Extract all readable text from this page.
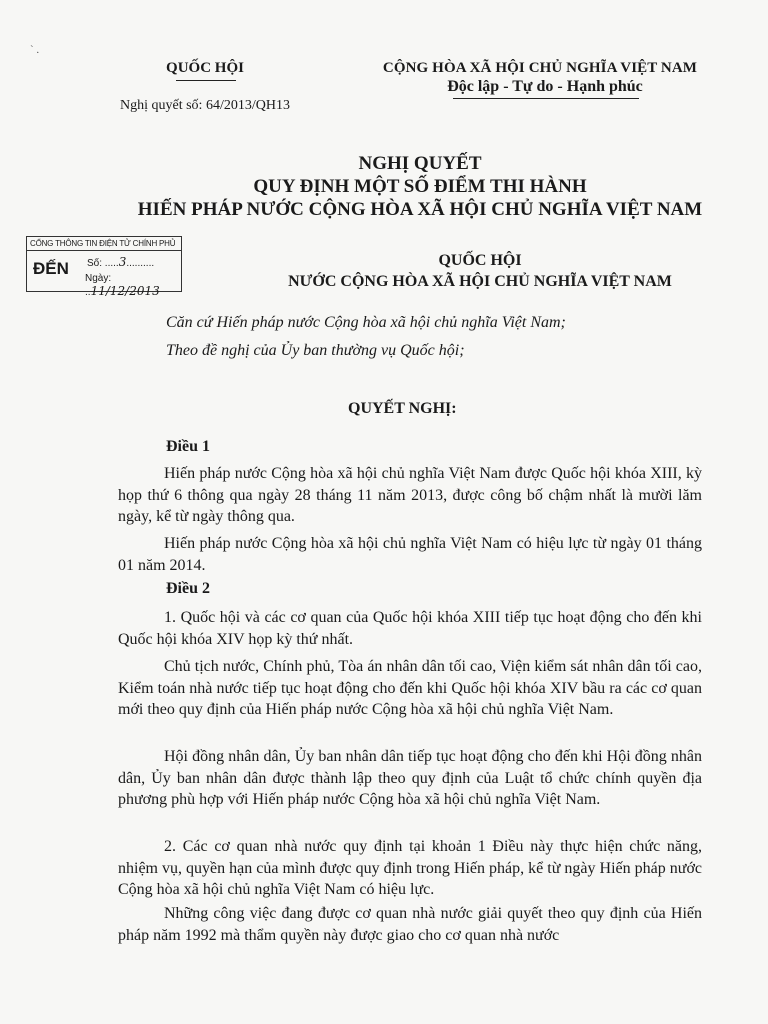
` .
QUỐC HỘI
Nghị quyết số: 64/2013/QH13
CỘNG HÒA XÃ HỘI CHỦ NGHĨA VIỆT NAM
Độc lập - Tự do - Hạnh phúc
NGHỊ QUYẾT
QUY ĐỊNH MỘT SỐ ĐIỂM THI HÀNH
HIẾN PHÁP NƯỚC CỘNG HÒA XÃ HỘI CHỦ NGHĨA VIỆT NAM
CỔNG THÔNG TIN ĐIỆN TỬ CHÍNH PHỦ
ĐẾN Số: .....3..........
Ngày: ..11/12/2013
QUỐC HỘI
NƯỚC CỘNG HÒA XÃ HỘI CHỦ NGHĨA VIỆT NAM
Căn cứ Hiến pháp nước Cộng hòa xã hội chủ nghĩa Việt Nam;
Theo đề nghị của Ủy ban thường vụ Quốc hội;
QUYẾT NGHỊ:
Điều 1
Hiến pháp nước Cộng hòa xã hội chủ nghĩa Việt Nam được Quốc hội khóa XIII, kỳ họp thứ 6 thông qua ngày 28 tháng 11 năm 2013, được công bố chậm nhất là mười lăm ngày, kể từ ngày thông qua.
Hiến pháp nước Cộng hòa xã hội chủ nghĩa Việt Nam có hiệu lực từ ngày 01 tháng 01 năm 2014.
Điều 2
1. Quốc hội và các cơ quan của Quốc hội khóa XIII tiếp tục hoạt động cho đến khi Quốc hội khóa XIV họp kỳ thứ nhất.
Chủ tịch nước, Chính phủ, Tòa án nhân dân tối cao, Viện kiểm sát nhân dân tối cao, Kiểm toán nhà nước tiếp tục hoạt động cho đến khi Quốc hội khóa XIV bầu ra các cơ quan mới theo quy định của Hiến pháp nước Cộng hòa xã hội chủ nghĩa Việt Nam.
Hội đồng nhân dân, Ủy ban nhân dân tiếp tục hoạt động cho đến khi Hội đồng nhân dân, Ủy ban nhân dân được thành lập theo quy định của Luật tổ chức chính quyền địa phương phù hợp với Hiến pháp nước Cộng hòa xã hội chủ nghĩa Việt Nam.
2. Các cơ quan nhà nước quy định tại khoản 1 Điều này thực hiện chức năng, nhiệm vụ, quyền hạn của mình được quy định trong Hiến pháp, kể từ ngày Hiến pháp nước Cộng hòa xã hội chủ nghĩa Việt Nam có hiệu lực.
Những công việc đang được cơ quan nhà nước giải quyết theo quy định của Hiến pháp năm 1992 mà thẩm quyền này được giao cho cơ quan nhà nước
